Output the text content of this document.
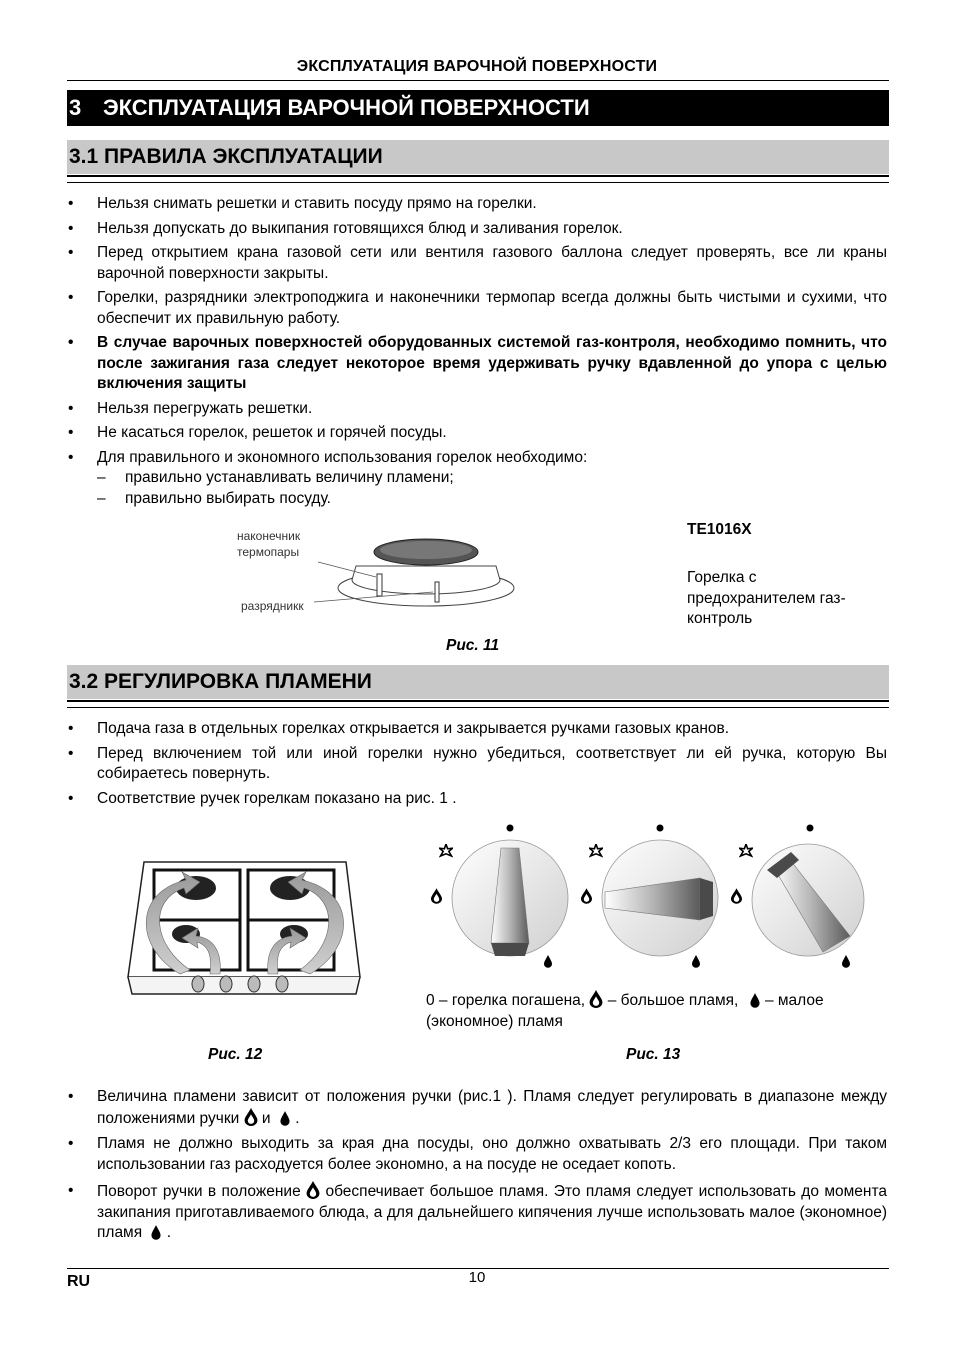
ЭКСПЛУАТАЦИЯ ВАРОЧНОЙ ПОВЕРХНОСТИ
3 ЭКСПЛУАТАЦИЯ ВАРОЧНОЙ ПОВЕРХНОСТИ
3.1 ПРАВИЛА ЭКСПЛУАТАЦИИ
• Нельзя снимать решетки и ставить посуду прямо на горелки.
• Нельзя допускать до выкипания готовящихся блюд и заливания горелок.
• Перед открытием крана газовой сети или вентиля газового баллона следует проверять, все ли краны варочной поверхности закрыты.
• Горелки, разрядники электроподжига и наконечники термопар всегда должны быть чистыми и сухими, что обеспечит их правильную работу.
• В случае варочных поверхностей оборудованных системой газ-контроля, необходимо помнить, что после зажигания газа следует некоторое время удерживать ручку вдавленной до упора с целью включения защиты
• Нельзя перегружать решетки.
• Не касаться горелок, решеток и горячей посуды.
• Для правильного и экономного использования горелок необходимо:
– правильно устанавливать величину пламени;
– правильно выбирать посуду.
наконечник
термопары
разрядникк
TE1016X
Горелка с предохранителем газ-контроль
Рис. 11
3.2 РЕГУЛИРОВКА ПЛАМЕНИ
• Подача газа в отдельных горелках открывается и закрывается ручками газовых кранов.
• Перед включением той или иной горелки нужно убедиться, соответствует ли ей ручка, которую Вы собираетесь повернуть.
• Соответствие ручек горелкам показано на рис. 1 .
Рис. 12
0 – горелка погашена, – большое пламя, – малое
(экономное) пламя
Рис. 13
• Величина пламени зависит от положения ручки (рис.1 ). Пламя следует регулировать в диапазоне между положениями ручки и .
• Пламя не должно выходить за края дна посуды, оно должно охватывать 2/3 его площади. При таком использовании газ расходуется более экономно, а на посуде не оседает копоть.
• Поворот ручки в положение обеспечивает большое пламя. Это пламя следует использовать до момента закипания приготавливаемого блюда, а для дальнейшего кипячения лучше использовать малое (экономное) пламя .
RU	10
